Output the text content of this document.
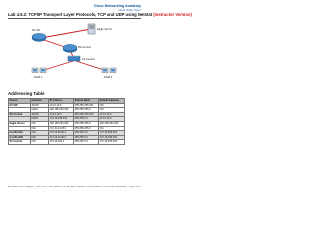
Cisco Networking Academy
Mind Wide Open
Lab 4.5.2: TCP/IP Transport Layer Protocols, TCP and UDP using Netstat (Instructor Version)
R1-ISP	Eagle Server
R2-Central
S1-Central
Pod# 1	Pod# 2
Addressing Table
Device	Interface	IP Address	Subnet Mask	Default Gateway
R1-ISP	S0/0/0	10.10.10.6	255.255.255.252	N/A
	Fa0/0	192.168.254.253	255.255.255.0	N/A
R2-Central	S0/0/0	10.10.10.5	255.255.255.252	10.10.10.6
	Fa0/0	172.16.255.254	255.255.0.0	10.10.10.6
Eagle Server	N/A	192.168.254.254	255.255.255.0	192.168.254.253
	N/A	172.31.24.254	255.255.255.0	N/A
hostPod#A	N/A	172.16.Pod#.1	255.255.0.0	172.16.255.254
hostPod#B	N/A	172.16.Pod#.2	255.255.0.0	172.16.255.254
S1-Central	N/A	172.16.254.1	255.255.0.0	172.16.255.254
All contents are Copyright © 1992–2007 Cisco Systems, Inc. All rights reserved. This document is Cisco Public Information. Page 1 of 10
